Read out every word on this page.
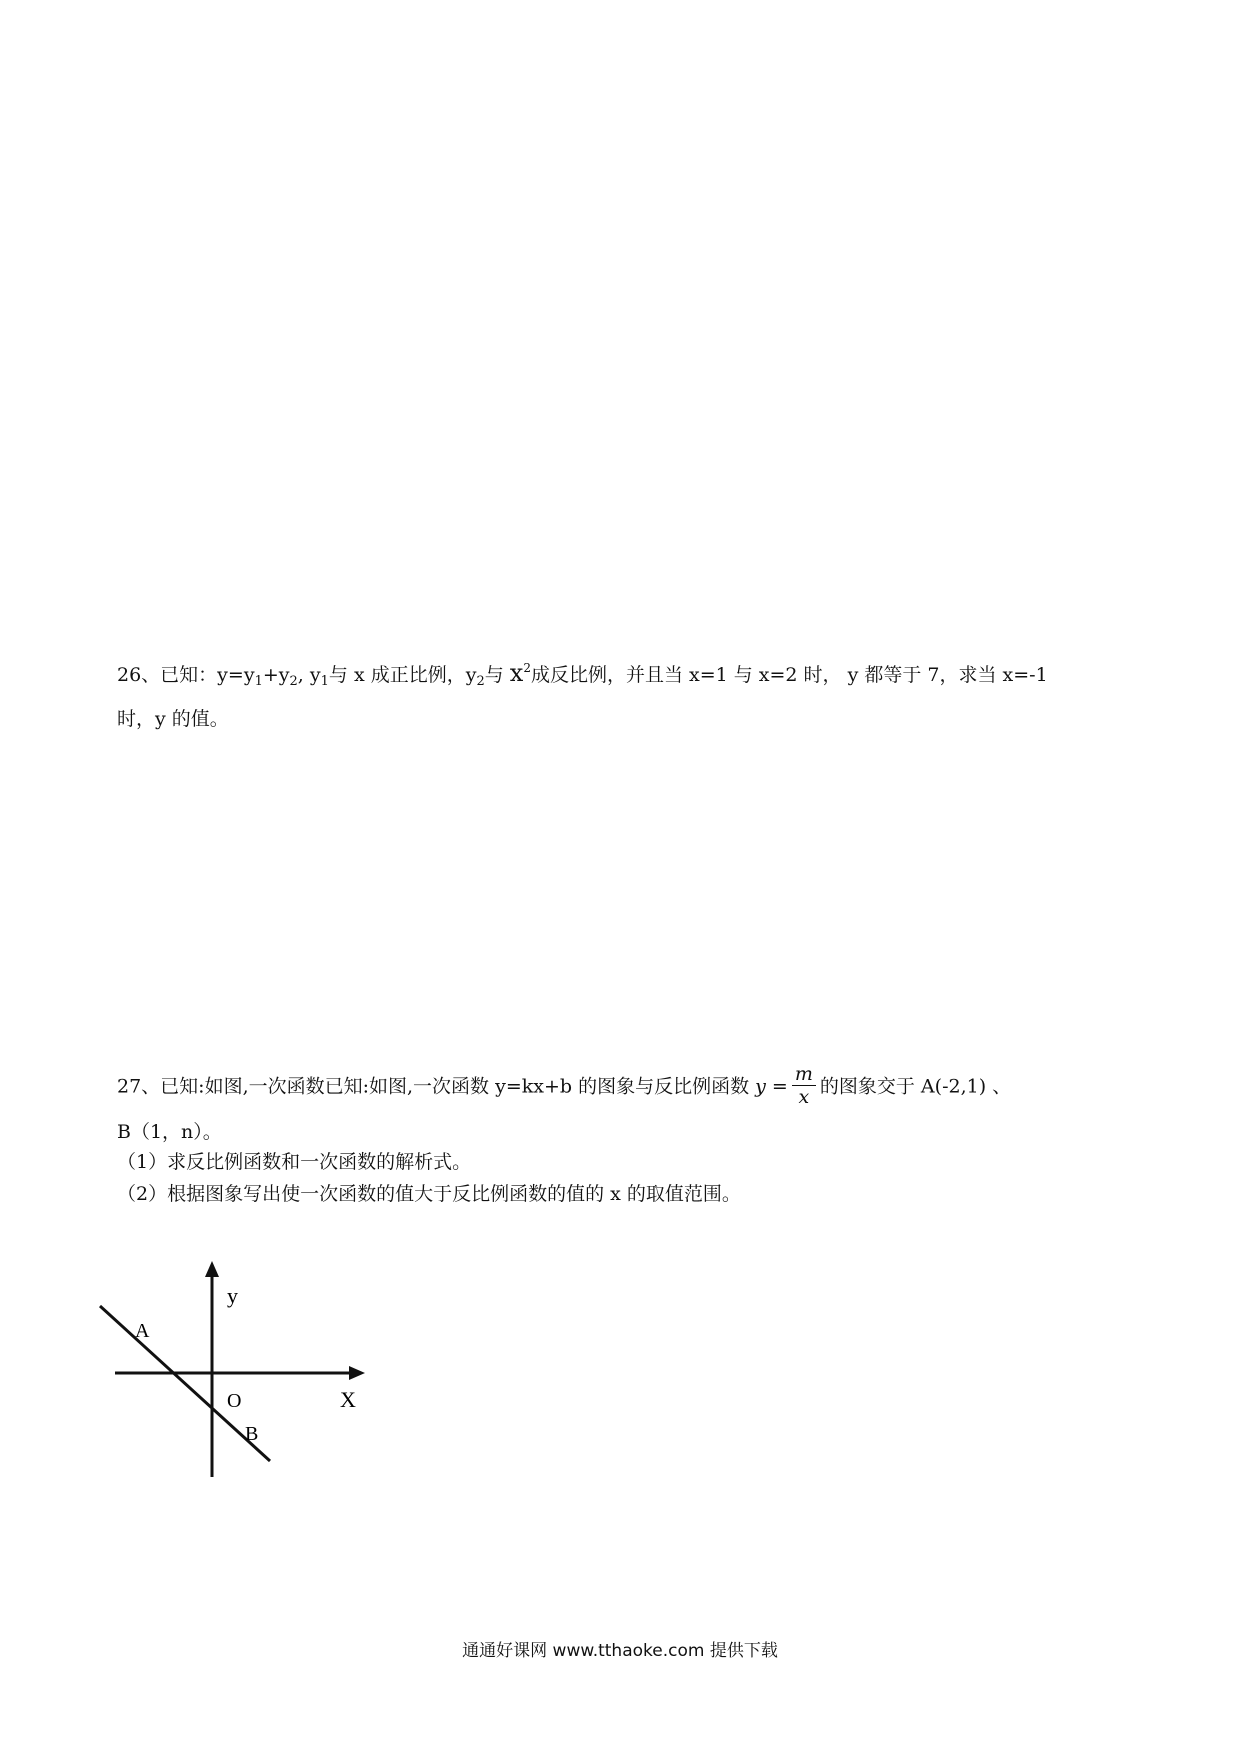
26、已知：$y=y_1+y_2$, $y_1$与 x 成正比例，$y_2$与 $x^2$成反比例，并且当 x=1 与 x=2 时， y 都等于 7，求当 x=-1
时，y 的值。
27、已知:如图,一次函数已知:如图,一次函数 y=kx+b 的图象与反比例函数 $y = \frac{m}{x}$ 的图象交于 A(-2,1) 、
B（1，n）。
（1）求反比例函数和一次函数的解析式。
（2）根据图象写出使一次函数的值大于反比例函数的值的 x 的取值范围。
y
X
O
A
B
通通好课网 www.tthaoke.com 提供下载
